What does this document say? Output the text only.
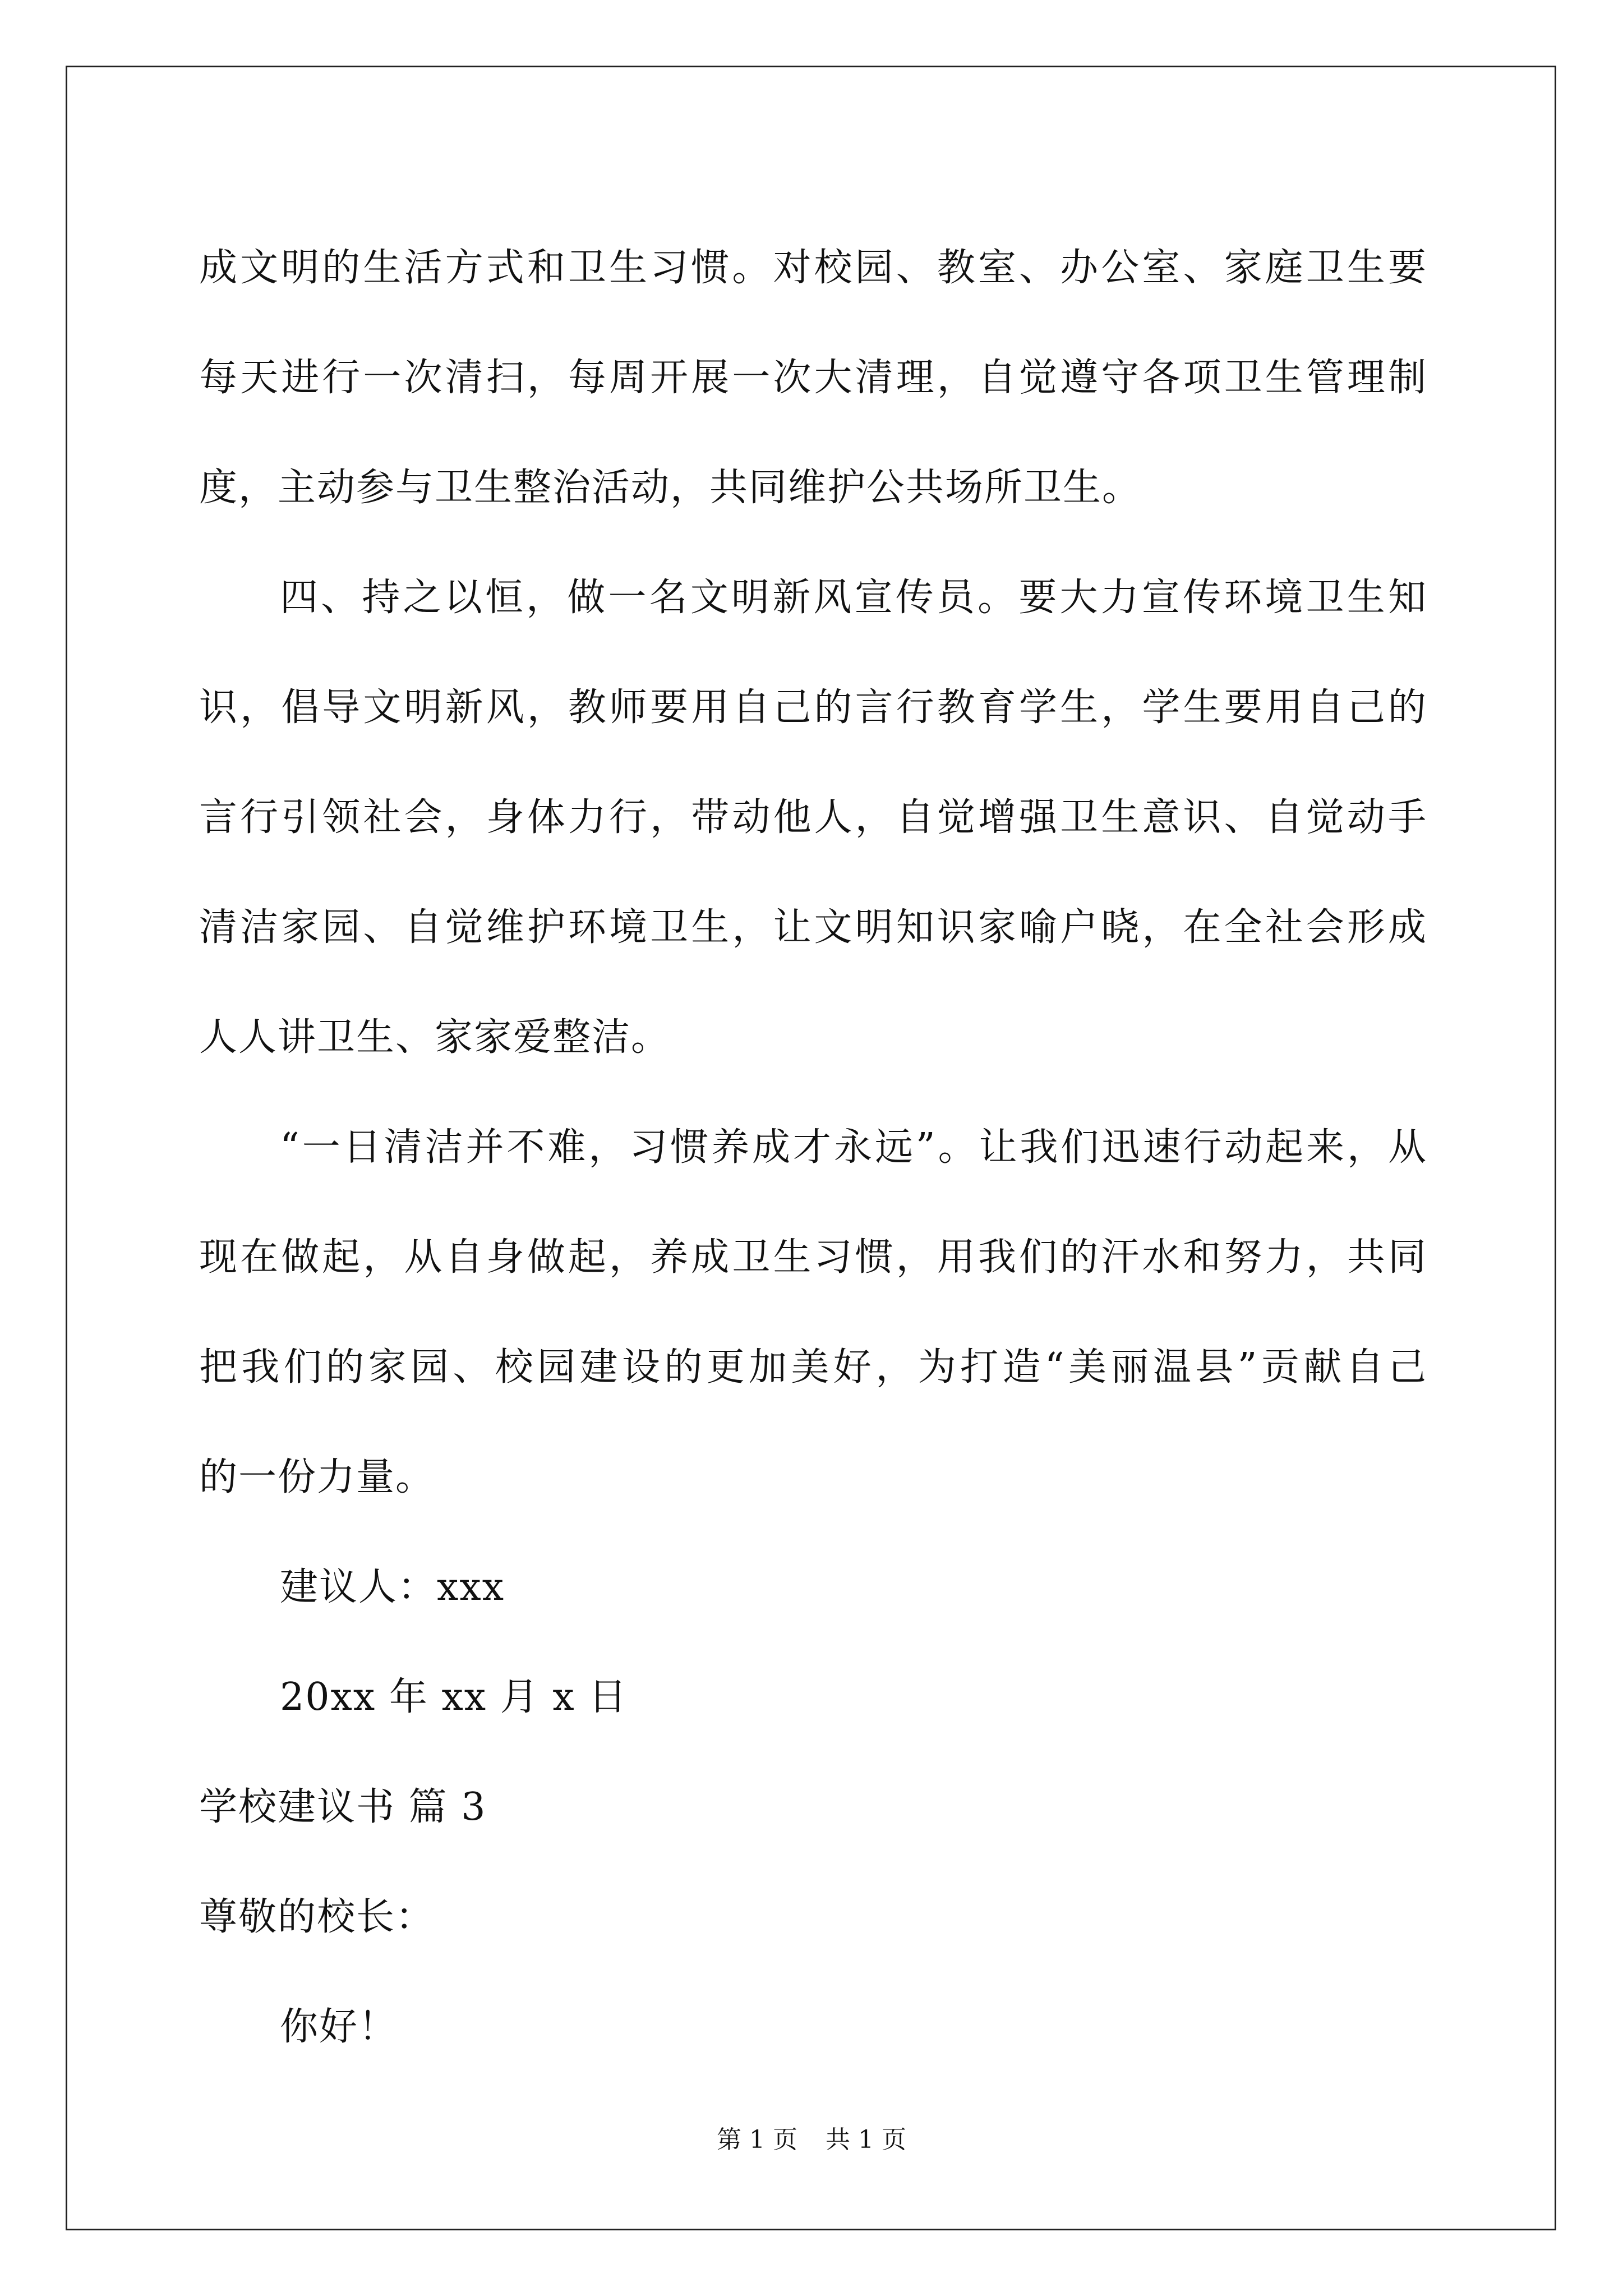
成文明的生活方式和卫生习惯。对校园、教室、办公室、家庭卫生要
每天进行一次清扫，每周开展一次大清理，自觉遵守各项卫生管理制
度，主动参与卫生整治活动，共同维护公共场所卫生。
四、持之以恒，做一名文明新风宣传员。要大力宣传环境卫生知
识，倡导文明新风，教师要用自己的言行教育学生，学生要用自己的
言行引领社会，身体力行，带动他人，自觉增强卫生意识、自觉动手
清洁家园、自觉维护环境卫生，让文明知识家喻户晓，在全社会形成
人人讲卫生、家家爱整洁。
“一日清洁并不难，习惯养成才永远”。让我们迅速行动起来，从
现在做起，从自身做起，养成卫生习惯，用我们的汗水和努力，共同
把我们的家园、校园建设的更加美好，为打造“美丽温县”贡献自己
的一份力量。
建议人：xxx
20xx 年 xx 月 x 日
学校建议书 篇 3
尊敬的校长：
你好！
第 1 页 共 1 页
